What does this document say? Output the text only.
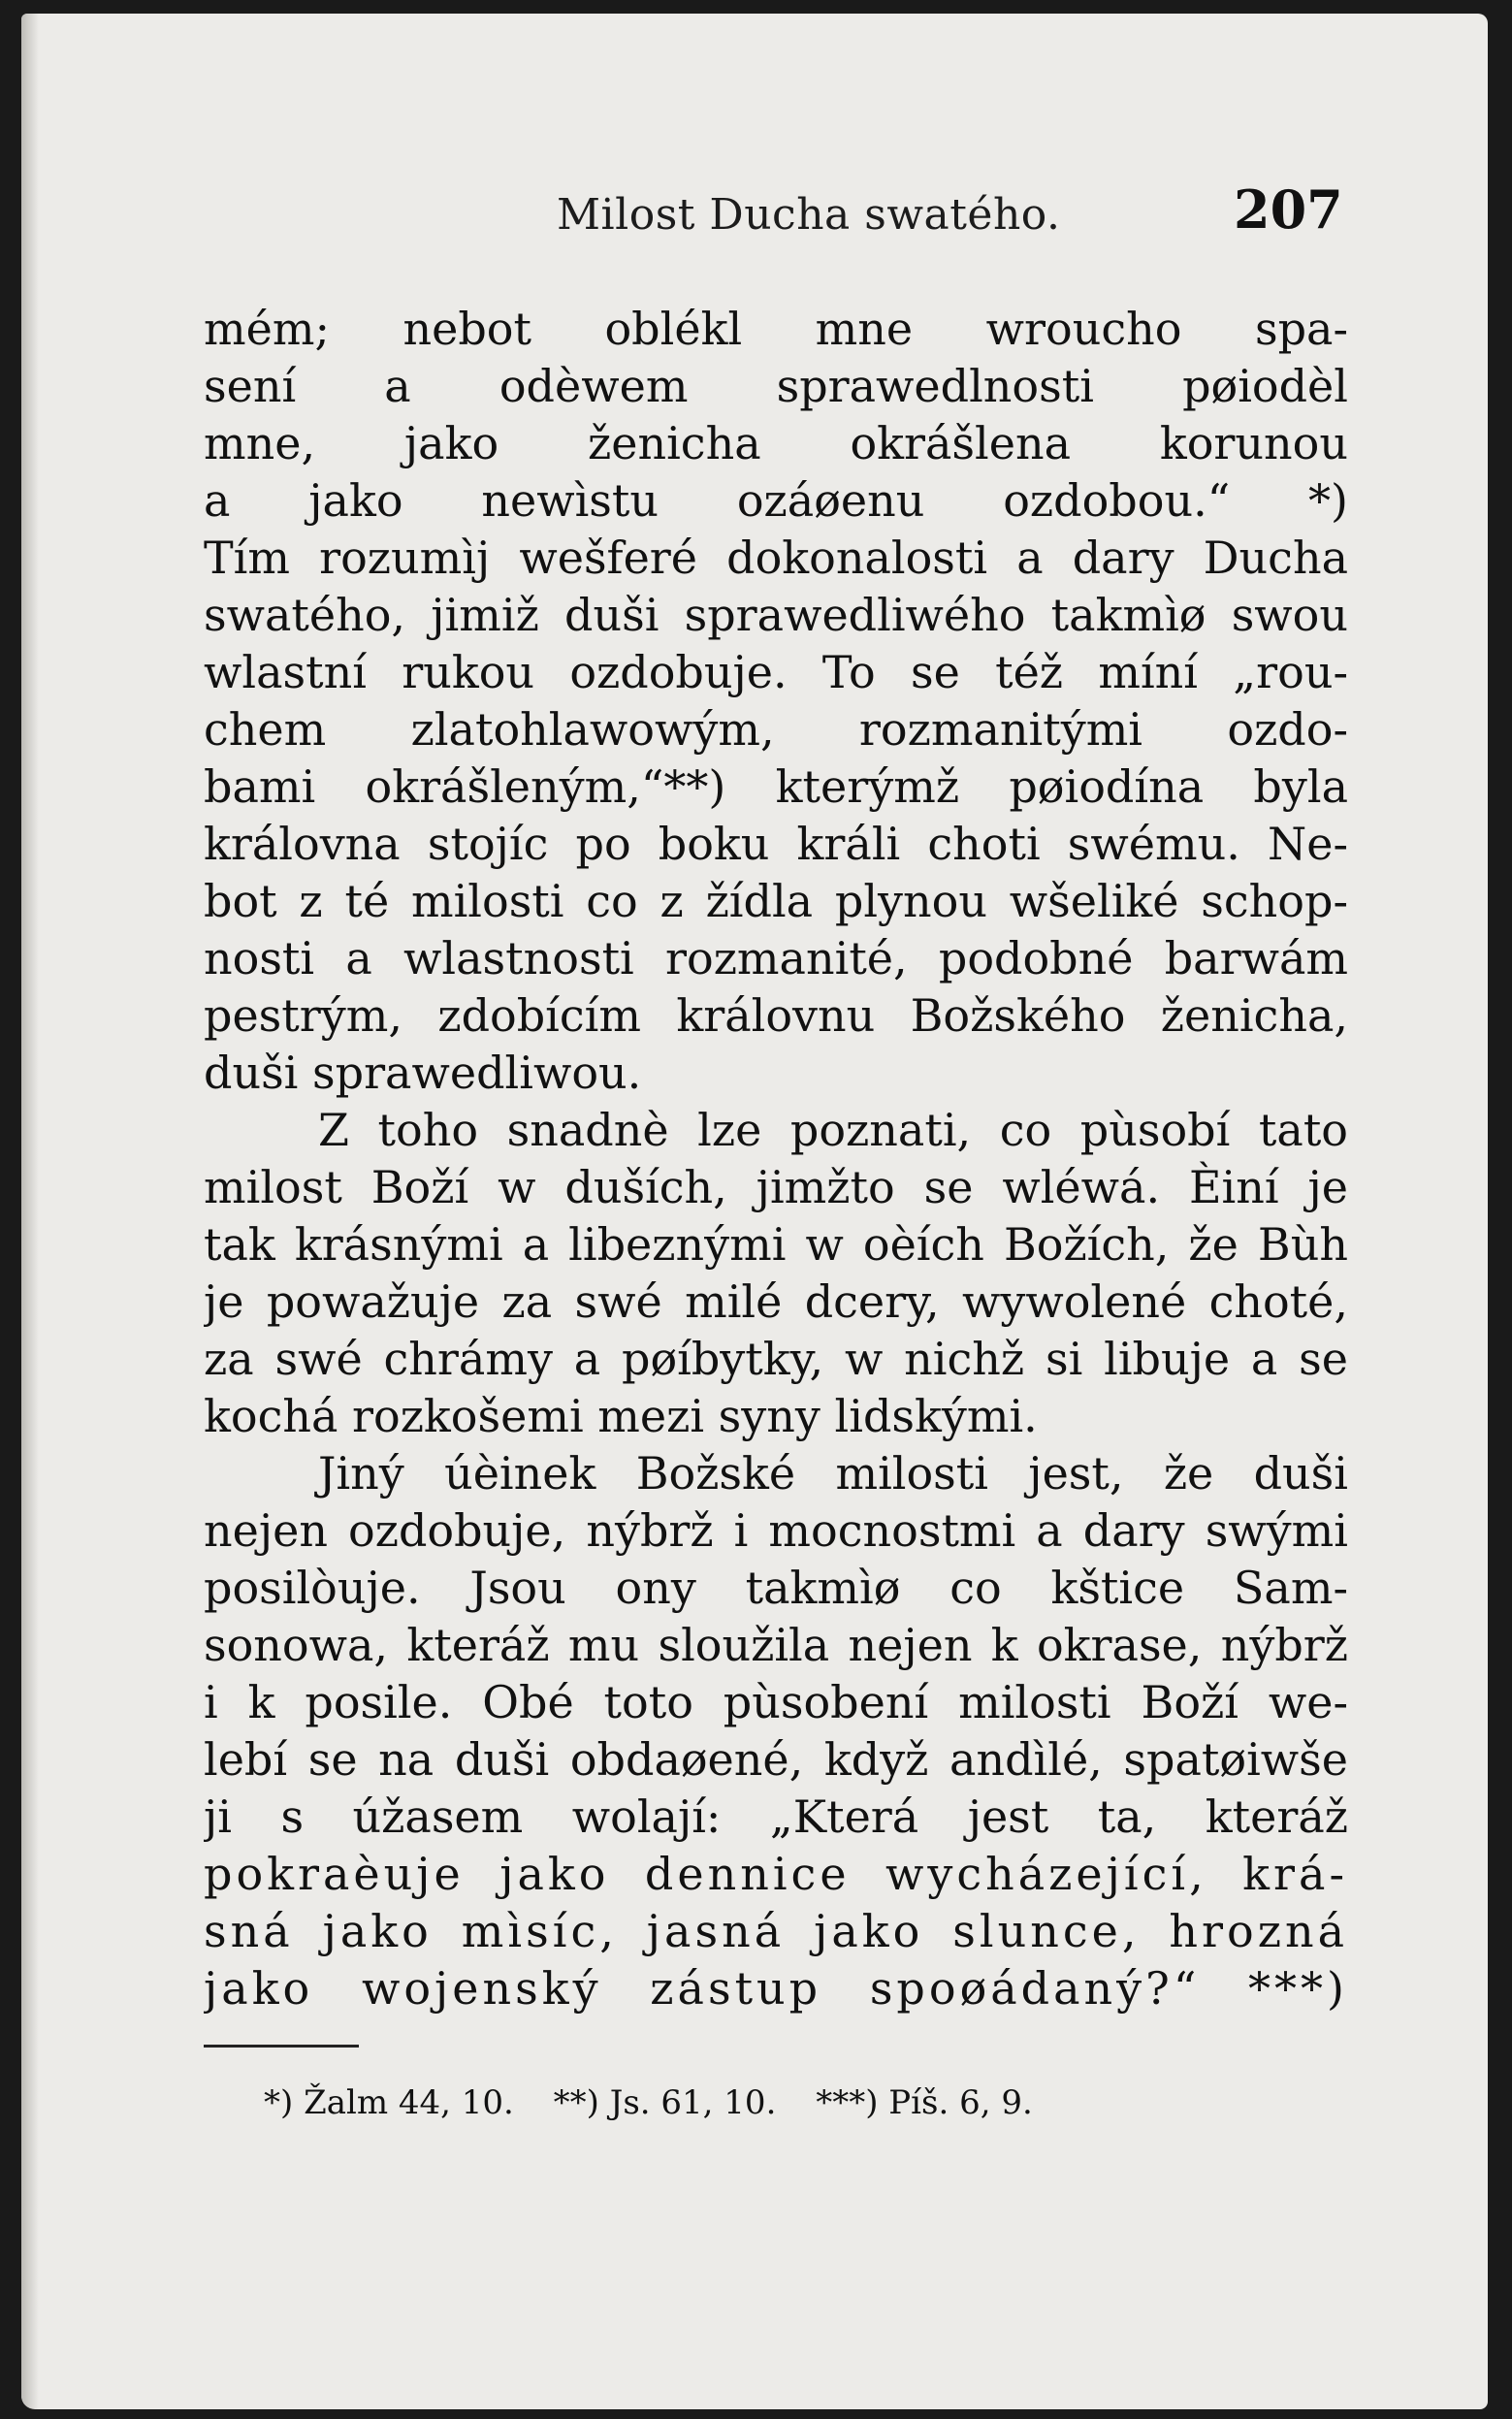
Milost Ducha swatého.	207
mém; nebot oblékl mne wroucho spa-
sení a odèwem sprawedlnosti pøiodèl
mne, jako ženicha okrášlena korunou
a jako newìstu ozáøenu ozdobou.“ *)
Tím rozumìj wešferé dokonalosti a dary Ducha
swatého, jimiž duši sprawedliwého takmìø swou
wlastní rukou ozdobuje. To se též míní „rou-
chem zlatohlawowým, rozmanitými ozdo-
bami okrášleným,“**) kterýmž pøiodína byla
královna stojíc po boku králi choti swému. Ne-
bot z té milosti co z žídla plynou wšeliké schop-
nosti a wlastnosti rozmanité, podobné barwám
pestrým, zdobícím královnu Božského ženicha,
duši sprawedliwou.
Z toho snadnè lze poznati, co pùsobí tato
milost Boží w duších, jimžto se wléwá. Èiní je
tak krásnými a libeznými w oèích Božích, že Bùh
je powažuje za swé milé dcery, wywolené choté,
za swé chrámy a pøíbytky, w nichž si libuje a se
kochá rozkošemi mezi syny lidskými.
Jiný úèinek Božské milosti jest, že duši
nejen ozdobuje, nýbrž i mocnostmi a dary swými
posilòuje. Jsou ony takmìø co kštice Sam-
sonowa, kteráž mu sloužila nejen k okrase, nýbrž
i k posile. Obé toto pùsobení milosti Boží we-
lebí se na duši obdaøené, když andìlé, spatøiwše
ji s úžasem wolají: „Která jest ta, kteráž
pokraèuje jako dennice wycházející, krá-
sná jako mìsíc, jasná jako slunce, hrozná
jako wojenský zástup spoøádaný?“ ***)
*) Žalm 44, 10. **) Js. 61, 10. ***) Píš. 6, 9.
